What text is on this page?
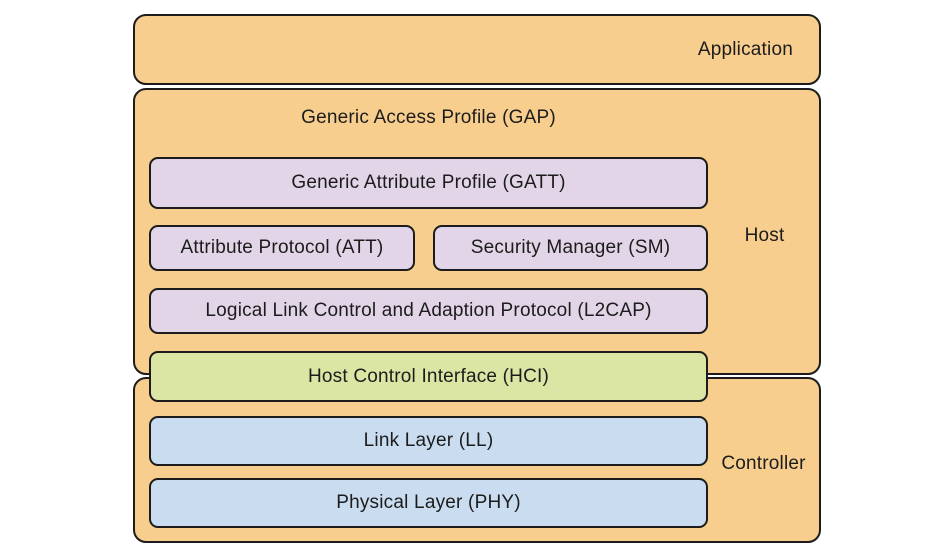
Application
Generic Access Profile (GAP)
Generic Attribute Profile (GATT)
Attribute Protocol (ATT)	Security Manager (SM)
Logical Link Control and Adaption Protocol (L2CAP)
Host Control Interface (HCI)
Link Layer (LL)
Physical Layer (PHY)
Host
Controller
